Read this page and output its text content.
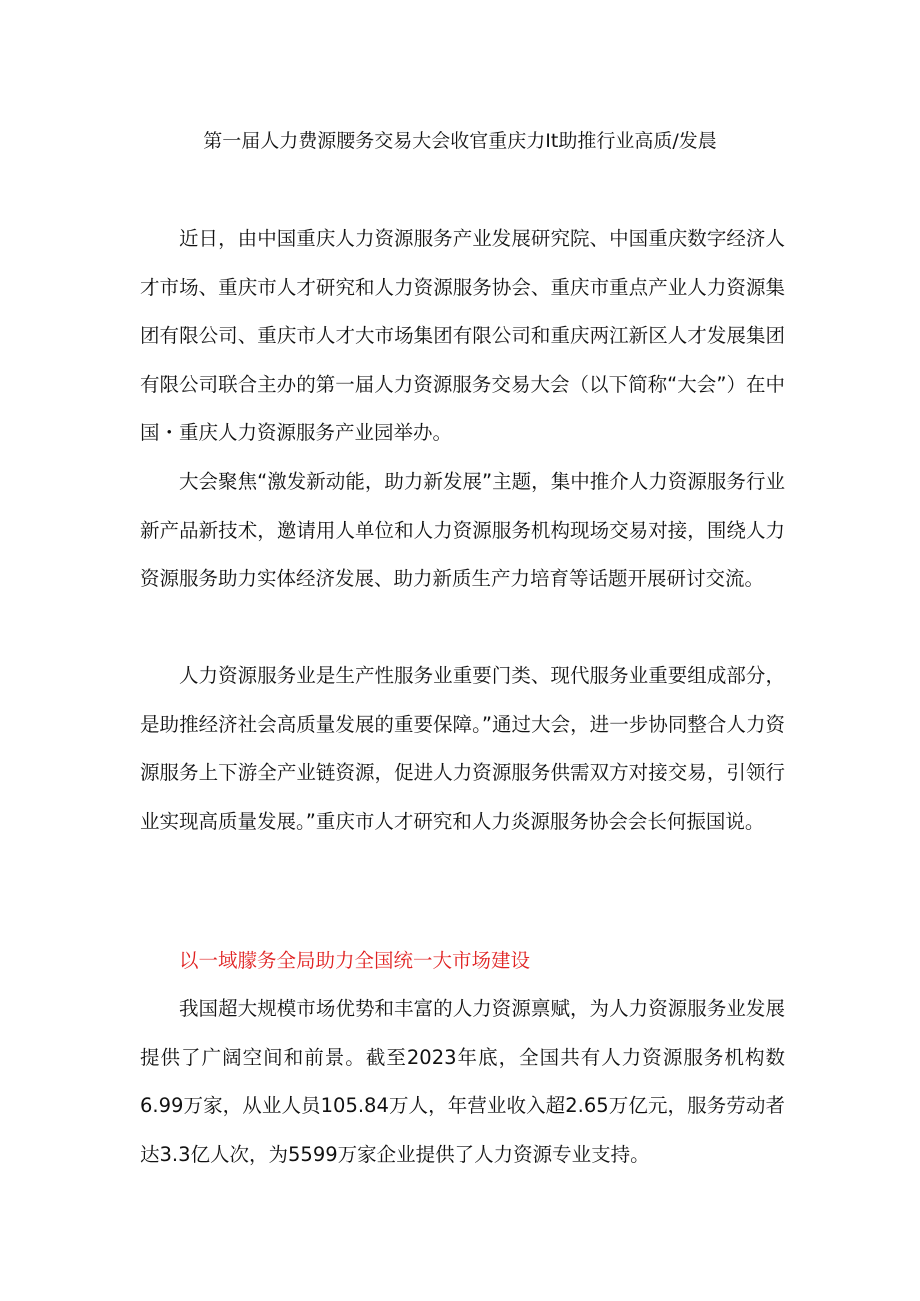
第一届人力费源腰务交易大会收官重庆力It助推行业高质/发晨
近日，由中国重庆人力资源服务产业发展研究院、中国重庆数字经济人才市场、重庆市人才研究和人力资源服务协会、重庆市重点产业人力资源集团有限公司、重庆市人才大市场集团有限公司和重庆两江新区人才发展集团有限公司联合主办的第一届人力资源服务交易大会（以下简称“大会”）在中国・重庆人力资源服务产业园举办。
大会聚焦“激发新动能，助力新发展”主题，集中推介人力资源服务行业新产品新技术，邀请用人单位和人力资源服务机构现场交易对接，围绕人力资源服务助力实体经济发展、助力新质生产力培育等话题开展研讨交流。
人力资源服务业是生产性服务业重要门类、现代服务业重要组成部分，是助推经济社会高质量发展的重要保障。”通过大会，进一步协同整合人力资源服务上下游全产业链资源，促进人力资源服务供需双方对接交易，引领行业实现高质量发展。”重庆市人才研究和人力炎源服务协会会长何振国说。
以一域朦务全局助力全国统一大市场建设
我国超大规模市场优势和丰富的人力资源禀赋，为人力资源服务业发展提供了广阔空间和前景。截至2023年底，全国共有人力资源服务机构数6.99万家，从业人员105.84万人，年营业收入超2.65万亿元，服务劳动者达3.3亿人次，为5599万家企业提供了人力资源专业支持。
